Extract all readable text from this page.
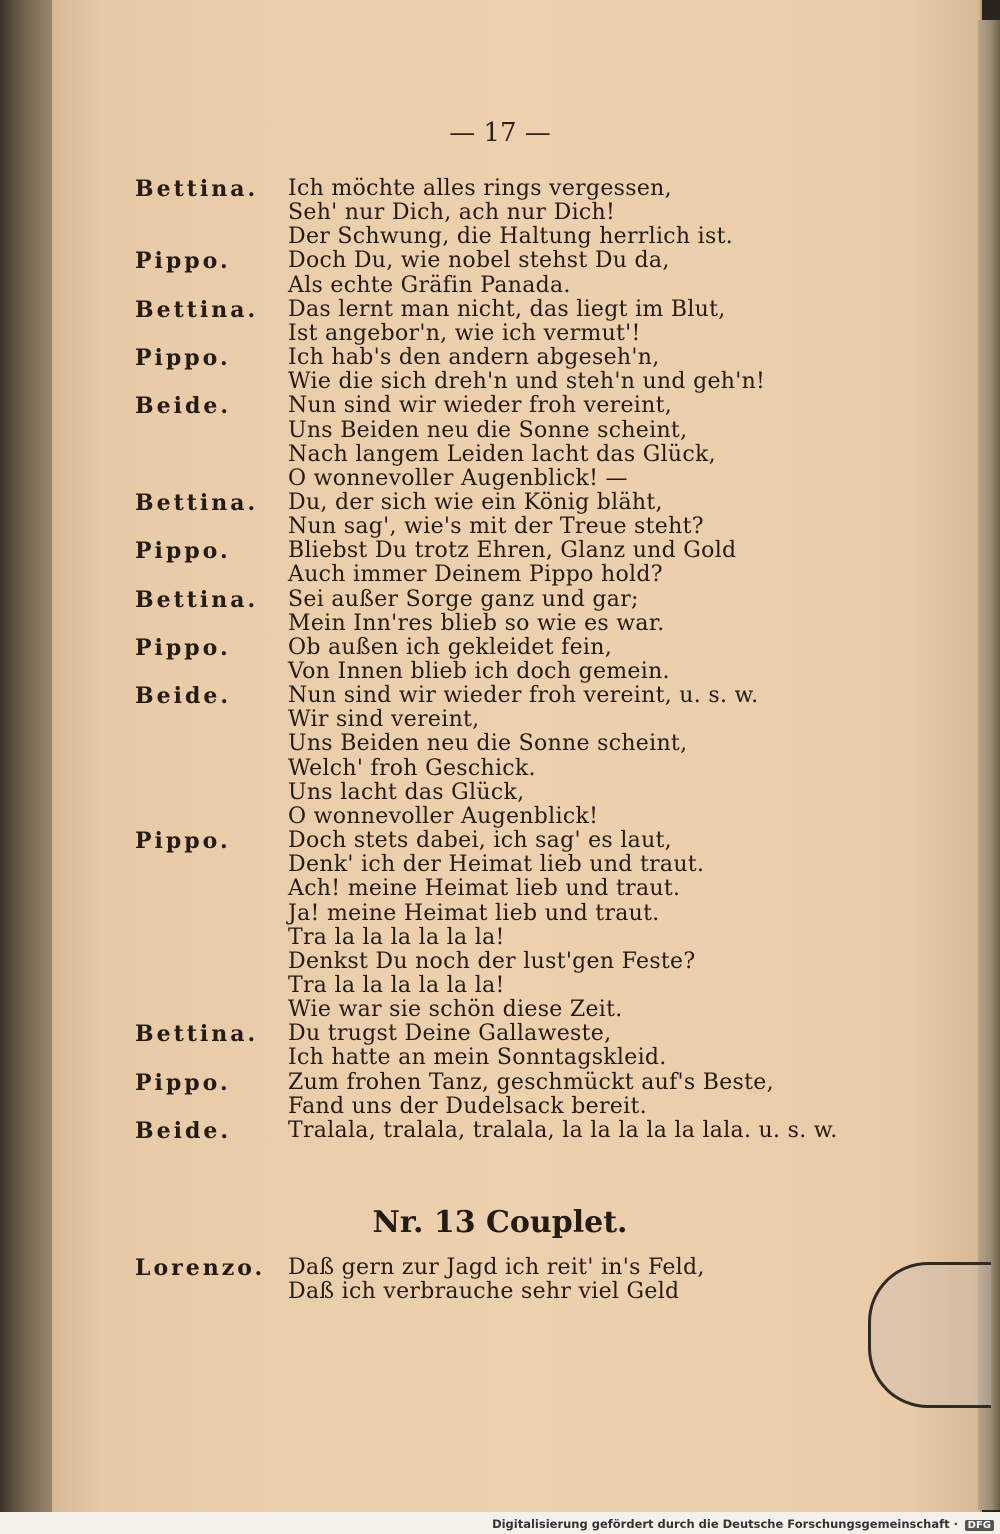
— 17 —
Bettina. Ich möchte alles rings vergessen,
Seh' nur Dich, ach nur Dich!
Der Schwung, die Haltung herrlich ist.
Pippo.	Doch Du, wie nobel stehst Du da,
Als echte Gräfin Panada.
Bettina. Das lernt man nicht, das liegt im Blut,
Ist angebor'n, wie ich vermut'!
Pippo.	Ich hab's den andern abgeseh'n,
Wie die sich dreh'n und steh'n und geh'n!
Beide.	Nun sind wir wieder froh vereint,
Uns Beiden neu die Sonne scheint,
Nach langem Leiden lacht das Glück,
O wonnevoller Augenblick! —
Bettina. Du, der sich wie ein König bläht,
Nun sag', wie's mit der Treue steht?
Pippo.	Bliebst Du trotz Ehren, Glanz und Gold
Auch immer Deinem Pippo hold?
Bettina. Sei außer Sorge ganz und gar;
Mein Inn'res blieb so wie es war.
Pippo.	Ob außen ich gekleidet fein,
Von Innen blieb ich doch gemein.
Beide.	Nun sind wir wieder froh vereint, u. s. w.
Wir sind vereint,
Uns Beiden neu die Sonne scheint,
Welch' froh Geschick.
Uns lacht das Glück,
O wonnevoller Augenblick!
Pippo.	Doch stets dabei, ich sag' es laut,
Denk' ich der Heimat lieb und traut.
Ach! meine Heimat lieb und traut.
Ja! meine Heimat lieb und traut.
Tra la la la la la la!
Denkst Du noch der lust'gen Feste?
Tra la la la la la la!
Wie war sie schön diese Zeit.
Bettina. Du trugst Deine Gallaweste,
Ich hatte an mein Sonntagskleid.
Pippo.	Zum frohen Tanz, geschmückt auf's Beste,
Fand uns der Dudelsack bereit.
Beide.	Tralala, tralala, tralala, la la la la la lala. u. s. w.
Nr. 13 Couplet.
Lorenzo. Daß gern zur Jagd ich reit' in's Feld,
Daß ich verbrauche sehr viel Geld
Digitalisierung gefördert durch die Deutsche Forschungsgemeinschaft · DFG
